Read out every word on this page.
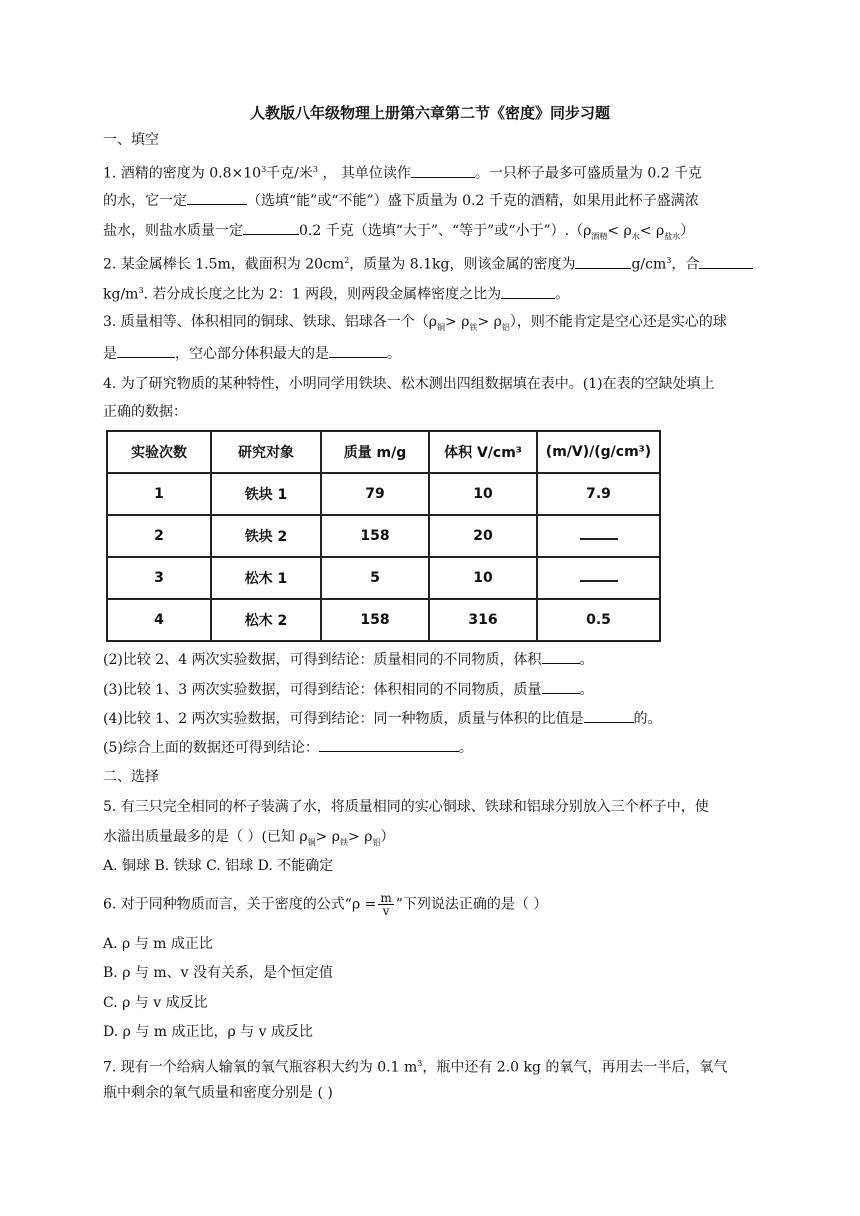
人教版八年级物理上册第六章第二节《密度》同步习题
一、填空
1. 酒精的密度为 $0.8\times 10^3$千克/米$^3$ ， 其单位读作	。一只杯子最多可盛质量为 0.2 千克
的水，它一定	（选填“能”或“不能”）盛下质量为 0.2 千克的酒精，如果用此杯子盛满浓
盐水，则盐水质量一定	0.2 千克（选填“大于”、“等于”或“小于$”).(\rho_{酒精}< \rho_水< \rho_{盐水})$
2. 某金属棒长 1.5m，截面积为 $20cm^2$，质量为 8.1kg，则该金属的密度为	$g/cm^3$，合
$kg/m^3$. 若分成长度之比为 2：1 两段，则两段金属棒密度之比为	。
3. 质量相等、体积相同的铜球、铁球、铝球各一个$(\rho_铜> \rho_铁> \rho_铝)$，则不能肯定是空心还是实心的球
是	，空心部分体积最大的是	。
4. 为了研究物质的某种特性，小明同学用铁块、松木测出四组数据填在表中。(1)在表的空缺处填上
正确的数据：
实验次数	研究对象	质量 m/g	体积 V/cm³	(m/V)/(g/cm³)
1	铁块 1	79	10	7.9
2	铁块 2	158	20	
3	松木 1	5	10	
4	松木 2	158	316	0.5
(2)比较 2、4 两次实验数据，可得到结论：质量相同的不同物质，体积	。
(3)比较 1、3 两次实验数据，可得到结论：体积相同的不同物质，质量	。
(4)比较 1、2 两次实验数据，可得到结论：同一种物质，质量与体积的比值是	的。
(5)综合上面的数据还可得到结论：	。
二、选择
5. 有三只完全相同的杯子装满了水，将质量相同的实心铜球、铁球和铝球分别放入三个杯子中，使
水溢出质量最多的是（ ）(已知 $\rho_铜> \rho_铁> \rho_铝$）
A. 铜球 B. 铁球 C. 铝球 D. 不能确定
6. 对于同种物质而言，关于密度的公式“$\rho = \frac{m}{v}$ ”下列说法正确的是（ ）
A. ρ 与 m 成正比
B. ρ 与 m、v 没有关系，是个恒定值
C. ρ 与 v 成反比
D. ρ 与 m 成正比，ρ 与 v 成反比
7. 现有一个给病人输氧的氧气瓶容积大约为 0.1 $m^3$，瓶中还有 2.0 kg 的氧气，再用去一半后，氧气
瓶中剩余的氧气质量和密度分别是 ( )
